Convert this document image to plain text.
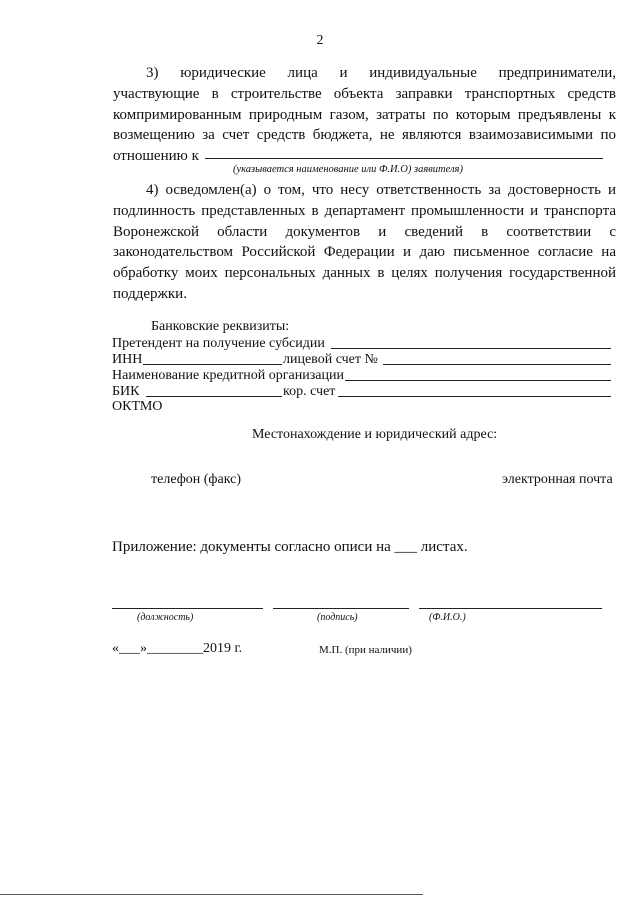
2
3) юридические лица и индивидуальные предприниматели,
участвующие в строительстве объекта заправки транспортных средств
компримированным природным газом, затраты по которым предъявлены к
возмещению за счет средств бюджета, не являются взаимозависимыми по
отношению к
(указывается наименование или Ф.И.О) заявителя)
4) осведомлен(а) о том, что несу ответственность за достоверность и
подлинность представленных в департамент промышленности и транспорта
Воронежской области документов и сведений в соответствии с
законодательством Российской Федерации и даю письменное согласие на
обработку моих персональных данных в целях получения государственной
поддержки.
Банковские реквизиты:
Претендент на получение субсидии
ИНН	лицевой счет №
Наименование кредитной организации
БИК	кор. счет
ОКТМО
Местонахождение и юридический адрес:
телефон (факс)	электронная почта
Приложение: документы согласно описи на ___ листах.
(должность)	(подпись)	(Ф.И.О.)
«___»________2019 г.	М.П. (при наличии)
